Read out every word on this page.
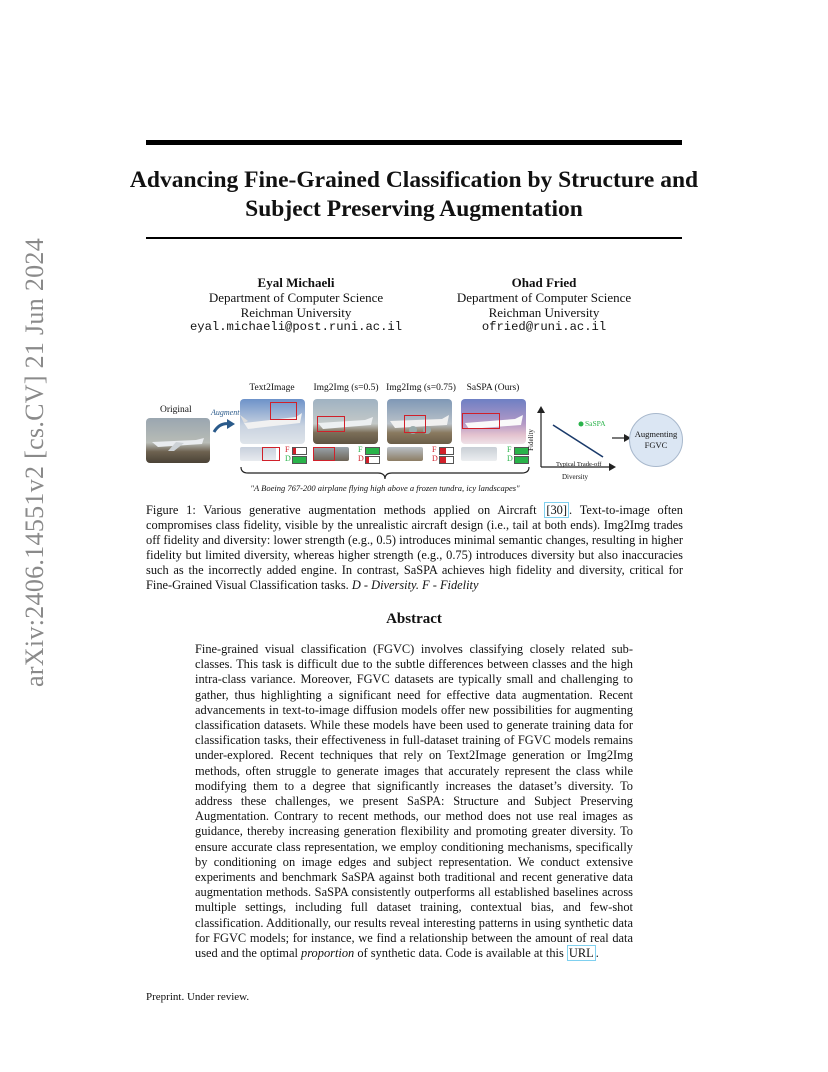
arXiv:2406.14551v2 [cs.CV] 21 Jun 2024
Advancing Fine-Grained Classification by Structure and Subject Preserving Augmentation
Eyal Michaeli
Department of Computer Science
Reichman University
eyal.michaeli@post.runi.ac.il
Ohad Fried
Department of Computer Science
Reichman University
ofried@runi.ac.il
Text2Image	Img2Img (s=0.5) Img2Img (s=0.75)	SaSPA (Ours)
Original Augment
F
D
F
D
F
D
F
D
"A Boeing 767-200 airplane flying high above a frozen tundra, icy landscapes"
Fidelity
SaSPA
Typical Trade-off
Diversity
Augmenting FGVC
Figure 1: Various generative augmentation methods applied on Aircraft [30] . Text-to-image often compromises class fidelity, visible by the unrealistic aircraft design (i.e., tail at both ends). Img2Img trades off fidelity and diversity: lower strength (e.g., 0.5) introduces minimal semantic changes, resulting in higher fidelity but limited diversity, whereas higher strength (e.g., 0.75) introduces diversity but also inaccuracies such as the incorrectly added engine. In contrast, SaSPA achieves high fidelity and diversity, critical for Fine-Grained Visual Classification tasks. D - Diversity. F - Fidelity
Abstract
Fine-grained visual classification (FGVC) involves classifying closely related sub-classes. This task is difficult due to the subtle differences between classes and the high intra-class variance. Moreover, FGVC datasets are typically small and challenging to gather, thus highlighting a significant need for effective data augmentation. Recent advancements in text-to-image diffusion models offer new possibilities for augmenting classification datasets. While these models have been used to generate training data for classification tasks, their effectiveness in full-dataset training of FGVC models remains under-explored. Recent techniques that rely on Text2Image generation or Img2Img methods, often struggle to generate images that accurately represent the class while modifying them to a degree that significantly increases the dataset’s diversity. To address these challenges, we present SaSPA: Structure and Subject Preserving Augmentation. Contrary to recent methods, our method does not use real images as guidance, thereby increasing generation flexibility and promoting greater diversity. To ensure accurate class representation, we employ conditioning mechanisms, specifically by conditioning on image edges and subject representation. We conduct extensive experiments and benchmark SaSPA against both traditional and recent generative data augmentation methods. SaSPA consistently outperforms all established baselines across multiple settings, including full dataset training, contextual bias, and few-shot classification. Additionally, our results reveal interesting patterns in using synthetic data for FGVC models; for instance, we find a relationship between the amount of real data used and the optimal proportion of synthetic data. Code is available at this URL .
Preprint. Under review.
